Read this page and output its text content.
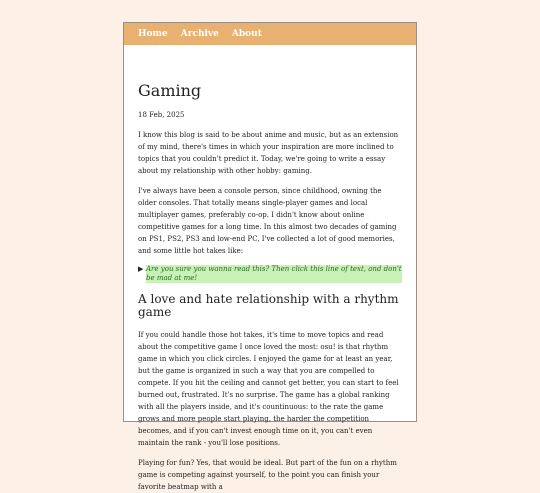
Home Archive About
Gaming
18 Feb, 2025

I know this blog is said to be about anime and music, but as an extension of my mind, there's times in which your inspiration are more inclined to topics that you couldn't predict it. Today, we're going to write a essay about my relationship with other hobby: gaming.

I've always have been a console person, since childhood, owning the older consoles. That totally means single-player games and local multiplayer games, preferably co-op. I didn't know about online competitive games for a long time. In this almost two decades of gaming on PS1, PS2, PS3 and low-end PC, I've collected a lot of good memories, and some little hot takes like:

▶ Are you sure you wanna read this? Then click this line of text, and don't be mad at me!
A love and hate relationship with a rhythm game

If you could handle those hot takes, it's time to move topics and read about the competitive game I once loved the most: osu! is that rhythm game in which you click circles. I enjoyed the game for at least an year, but the game is organized in such a way that you are compelled to compete. If you hit the ceiling and cannot get better, you can start to feel burned out, frustrated. It's no surprise. The game has a global ranking with all the players inside, and it's countinuous: to the rate the game grows and more people start playing, the harder the competition becomes, and if you can't invest enough time on it, you can't even maintain the rank - you'll lose positions.

Playing for fun? Yes, that would be ideal. But part of the fun on a rhythm game is competing against yourself, to the point you can finish your favorite beatmap with a
